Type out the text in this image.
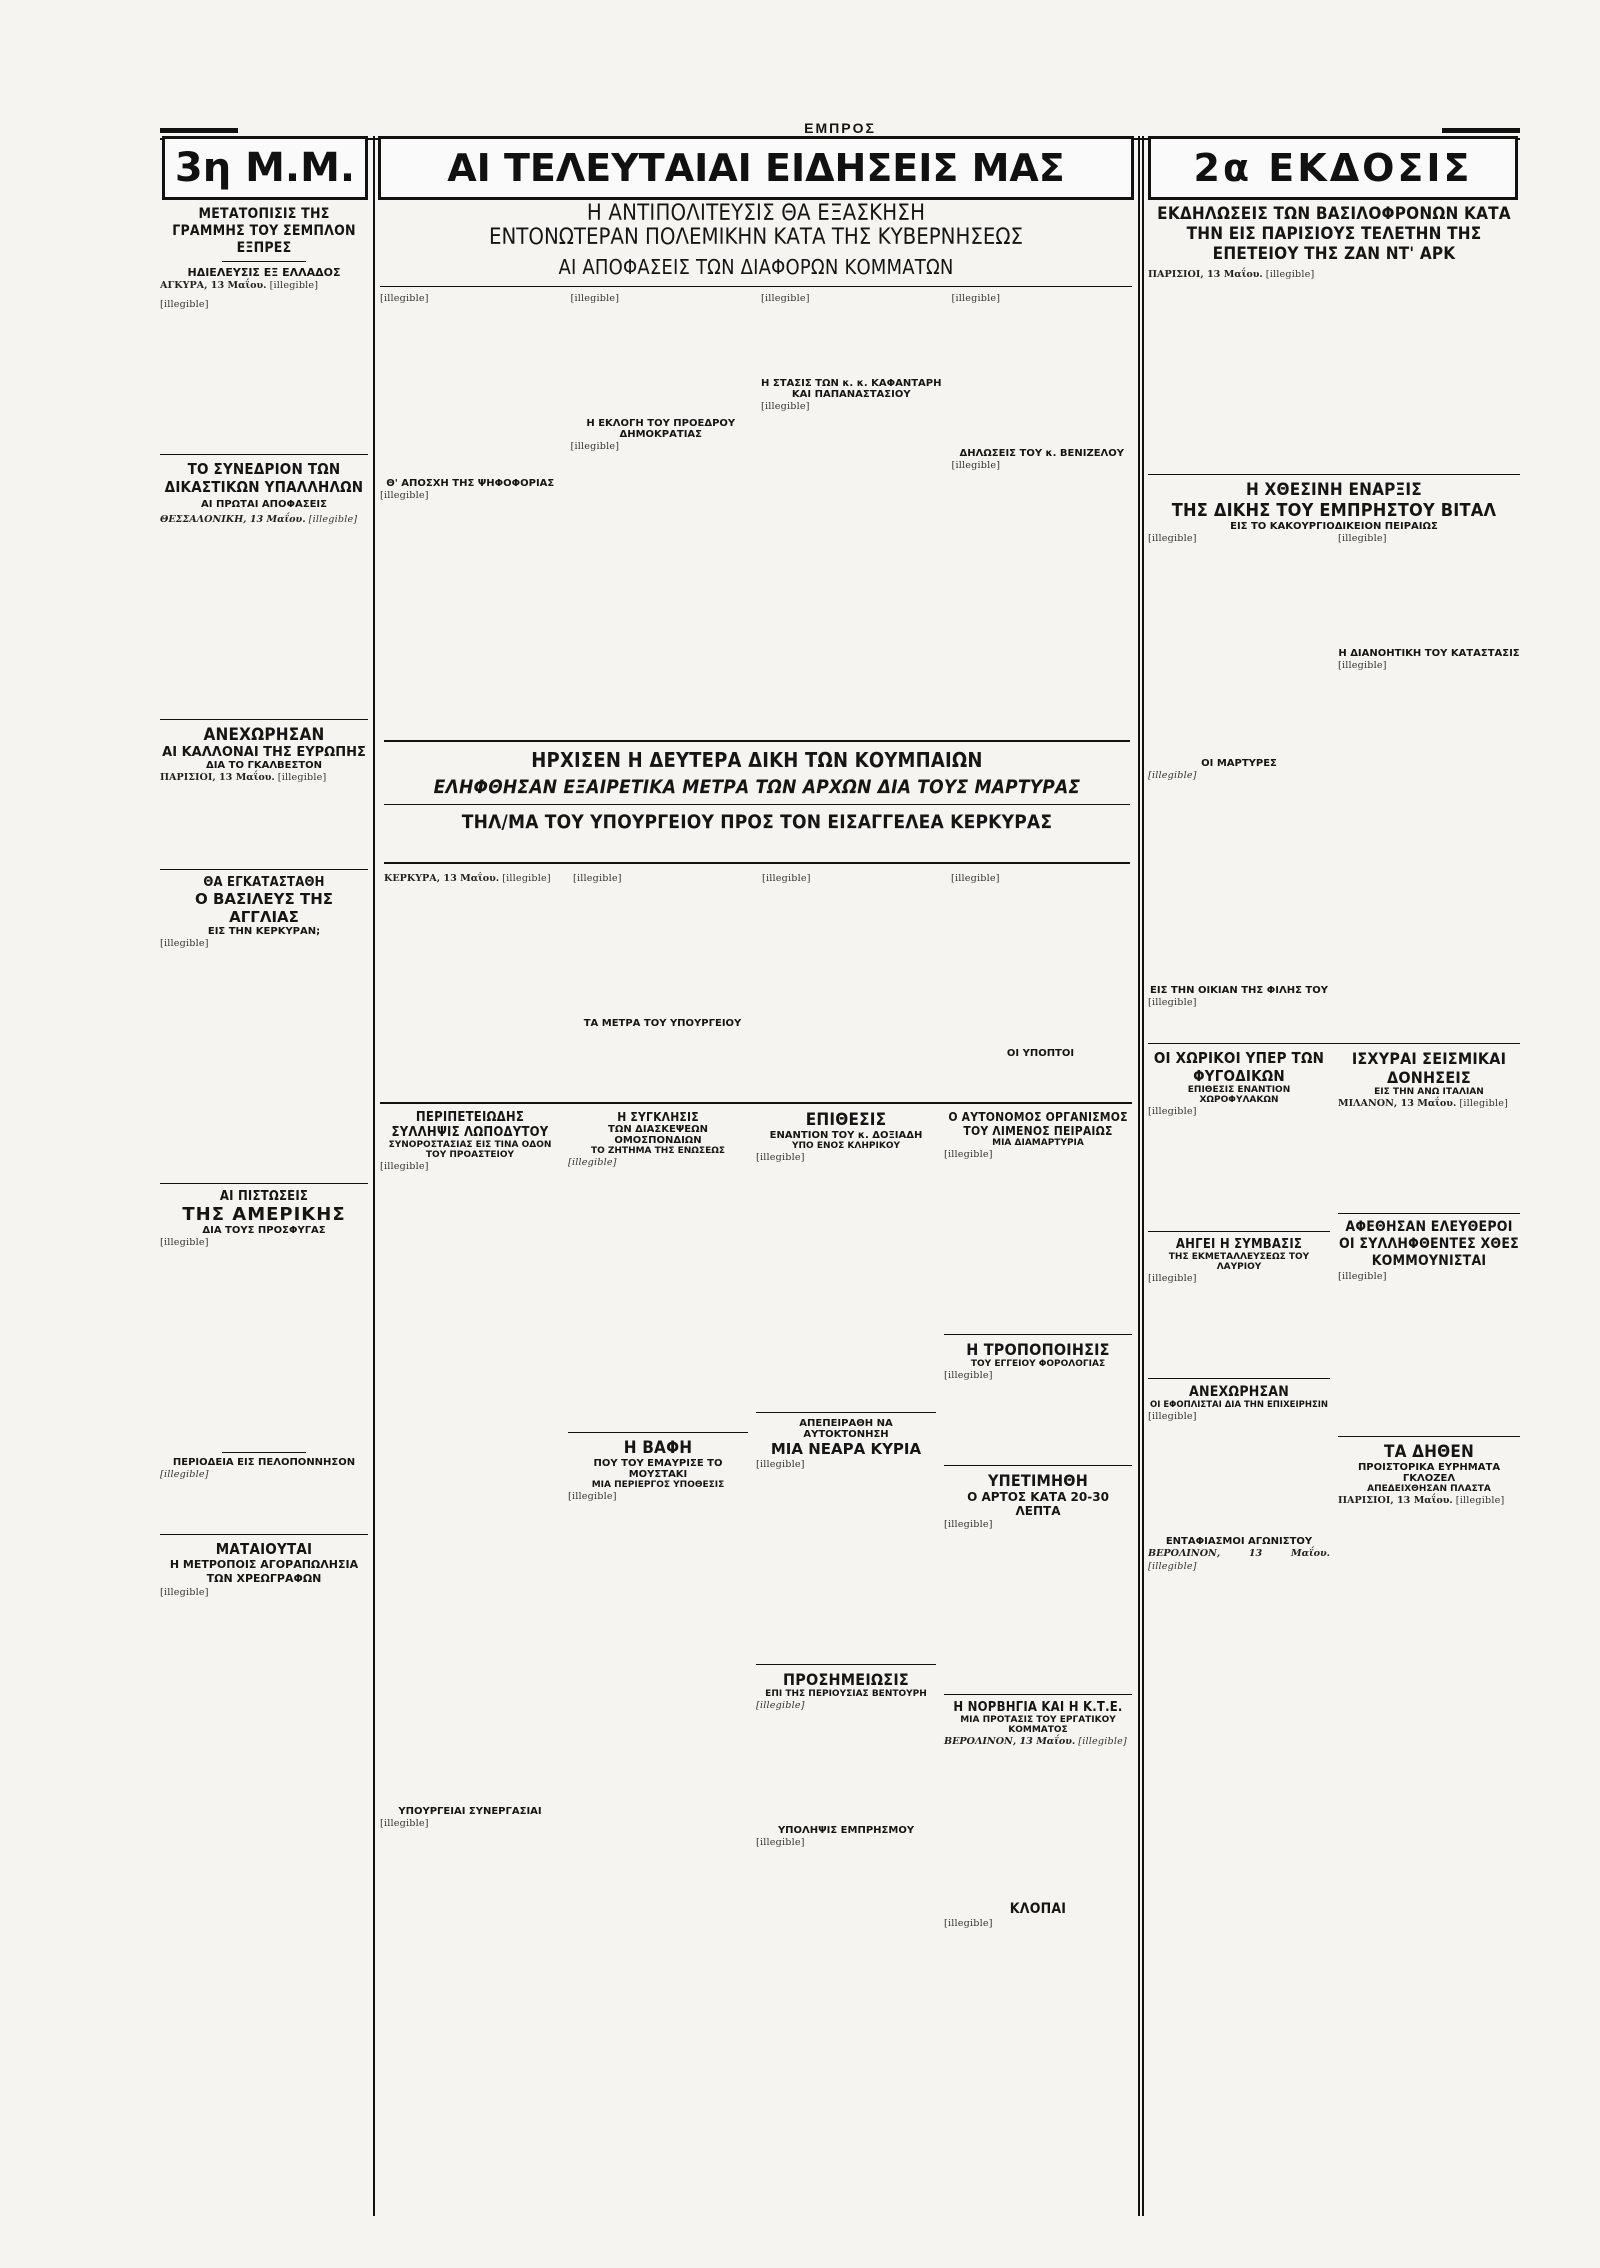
ΕΜΠΡΟΣ
3η Μ.Μ.	ΑΙ ΤΕΛΕΥΤΑΙΑΙ ΕΙΔΗΣΕΙΣ ΜΑΣ	2α ΕΚΔΟΣΙΣ
ΜΕΤΑΤΟΠΙΣΙΣ ΤΗΣ ΓΡΑΜΜΗΣ ΤΟΥ ΣΕΜΠΛΟΝ ΕΞΠΡΕΣ
ΗΔΙΕΛΕΥΣΙΣ ΕΞ ΕΛΛΑΔΟΣ
ΑΓΚΥΡΑ, 13 Μαΐου. [illegible]
[illegible]
ΤΟ ΣΥΝΕΔΡΙΟΝ ΤΩΝ ΔΙΚΑΣΤΙΚΩΝ ΥΠΑΛΛΗΛΩΝ
ΑΙ ΠΡΩΤΑΙ ΑΠΟΦΑΣΕΙΣ
ΘΕΣΣΑΛΟΝΙΚΗ, 13 Μαΐου. [illegible]
ΑΝΕΧΩΡΗΣΑΝ
ΑΙ ΚΑΛΛΟΝΑΙ ΤΗΣ ΕΥΡΩΠΗΣ
ΔΙΑ ΤΟ ΓΚΑΛΒΕΣΤΟΝ
ΠΑΡΙΣΙΟΙ, 13 Μαΐου. [illegible]
ΘΑ ΕΓΚΑΤΑΣΤΑΘΗ
Ο ΒΑΣΙΛΕΥΣ ΤΗΣ ΑΓΓΛΙΑΣ
ΕΙΣ ΤΗΝ ΚΕΡΚΥΡΑΝ;
[illegible]
ΑΙ ΠΙΣΤΩΣΕΙΣ
ΤΗΣ ΑΜΕΡΙΚΗΣ
ΔΙΑ ΤΟΥΣ ΠΡΟΣΦΥΓΑΣ
[illegible]
ΠΕΡΙΟΔΕΙΑ ΕΙΣ ΠΕΛΟΠΟΝΝΗΣΟΝ
[illegible]
ΜΑΤΑΙΟΥΤΑΙ
Η ΜΕΤΡΟΠΟΙΣ ΑΓΟΡΑΠΩΛΗΣΙΑ ΤΩΝ ΧΡΕΩΓΡΑΦΩΝ
[illegible]
Η ΑΝΤΙΠΟΛΙΤΕΥΣΙΣ ΘΑ ΕΞΑΣΚΗΣΗ
ΕΝΤΟΝΩΤΕΡΑΝ ΠΟΛΕΜΙΚΗΝ ΚΑΤΑ ΤΗΣ ΚΥΒΕΡΝΗΣΕΩΣ
ΑΙ ΑΠΟΦΑΣΕΙΣ ΤΩΝ ΔΙΑΦΟΡΩΝ ΚΟΜΜΑΤΩΝ
[illegible]
Θ' ΑΠΟΣΧΗ ΤΗΣ ΨΗΦΟΦΟΡΙΑΣ
[illegible]
[illegible]
Η ΕΚΛΟΓΗ ΤΟΥ ΠΡΟΕΔΡΟΥ ΔΗΜΟΚΡΑΤΙΑΣ
[illegible]
[illegible]
Η ΣΤΑΣΙΣ ΤΩΝ κ. κ. ΚΑΦΑΝΤΑΡΗ ΚΑΙ ΠΑΠΑΝΑΣΤΑΣΙΟΥ
[illegible]
[illegible]
ΔΗΛΩΣΕΙΣ ΤΟΥ κ. ΒΕΝΙΖΕΛΟΥ
[illegible]
ΗΡΧΙΣΕΝ Η ΔΕΥΤΕΡΑ ΔΙΚΗ ΤΩΝ ΚΟΥΜΠΑΙΩΝ
ΕΛΗΦΘΗΣΑΝ ΕΞΑΙΡΕΤΙΚΑ ΜΕΤΡΑ ΤΩΝ ΑΡΧΩΝ ΔΙΑ ΤΟΥΣ ΜΑΡΤΥΡΑΣ
ΤΗΛ/ΜΑ ΤΟΥ ΥΠΟΥΡΓΕΙΟΥ ΠΡΟΣ ΤΟΝ ΕΙΣΑΓΓΕΛΕΑ ΚΕΡΚΥΡΑΣ
ΚΕΡΚΥΡΑ, 13 Μαΐου. [illegible]	[illegible]
ΤΑ ΜΕΤΡΑ ΤΟΥ ΥΠΟΥΡΓΕΙΟΥ
[illegible]	[illegible]
ΟΙ ΥΠΟΠΤΟΙ
ΠΕΡΙΠΕΤΕΙΩΔΗΣ ΣΥΛΛΗΨΙΣ ΛΩΠΟΔΥΤΟΥ
ΣΥΝΟΡΟΣΤΑΣΙΑΣ ΕΙΣ ΤΙΝΑ ΟΔΟΝ ΤΟΥ ΠΡΟΑΣΤΕΙΟΥ
[illegible]
ΥΠΟΥΡΓΕΙΑΙ ΣΥΝΕΡΓΑΣΙΑΙ
[illegible]
Η ΣΥΓΚΛΗΣΙΣ
ΤΩΝ ΔΙΑΣΚΕΨΕΩΝ ΟΜΟΣΠΟΝΔΙΩΝ
ΤΟ ΖΗΤΗΜΑ ΤΗΣ ΕΝΩΣΕΩΣ
[illegible]
Η ΒΑΦΗ
ΠΟΥ ΤΟΥ ΕΜΑΥΡΙΣΕ ΤΟ ΜΟΥΣΤΑΚΙ
ΜΙΑ ΠΕΡΙΕΡΓΟΣ ΥΠΟΘΕΣΙΣ
[illegible]
ΕΠΙΘΕΣΙΣ
ΕΝΑΝΤΙΟΝ ΤΟΥ κ. ΔΟΞΙΑΔΗ
ΥΠΟ ΕΝΟΣ ΚΛΗΡΙΚΟΥ
[illegible]
ΑΠΕΠΕΙΡΑΘΗ ΝΑ ΑΥΤΟΚΤΟΝΗΣΗ
ΜΙΑ ΝΕΑΡΑ ΚΥΡΙΑ
[illegible]
ΠΡΟΣΗΜΕΙΩΣΙΣ
ΕΠΙ ΤΗΣ ΠΕΡΙΟΥΣΙΑΣ ΒΕΝΤΟΥΡΗ
[illegible]
ΥΠΟΛΗΨΙΣ ΕΜΠΡΗΣΜΟΥ
[illegible]
Ο ΑΥΤΟΝΟΜΟΣ ΟΡΓΑΝΙΣΜΟΣ ΤΟΥ ΛΙΜΕΝΟΣ ΠΕΙΡΑΙΩΣ
ΜΙΑ ΔΙΑΜΑΡΤΥΡΙΑ
[illegible]
Η ΤΡΟΠΟΠΟΙΗΣΙΣ
ΤΟΥ ΕΓΓΕΙΟΥ ΦΟΡΟΛΟΓΙΑΣ
[illegible]
ΥΠΕΤΙΜΗΘΗ
Ο ΑΡΤΟΣ ΚΑΤΑ 20-30 ΛΕΠΤΑ
[illegible]
Η ΝΟΡΒΗΓΙΑ ΚΑΙ Η Κ.Τ.Ε.
ΜΙΑ ΠΡΟΤΑΣΙΣ ΤΟΥ ΕΡΓΑΤΙΚΟΥ ΚΟΜΜΑΤΟΣ
ΒΕΡΟΛΙΝΟΝ, 13 Μαΐου. [illegible]
ΚΛΟΠΑΙ
[illegible]
ΕΚΔΗΛΩΣΕΙΣ ΤΩΝ ΒΑΣΙΛΟΦΡΟΝΩΝ ΚΑΤΑ ΤΗΝ ΕΙΣ ΠΑΡΙΣΙΟΥΣ ΤΕΛΕΤΗΝ ΤΗΣ ΕΠΕΤΕΙΟΥ ΤΗΣ ΖΑΝ ΝΤ' ΑΡΚ
ΠΑΡΙΣΙΟΙ, 13 Μαΐου. [illegible]
Η ΧΘΕΣΙΝΗ ΕΝΑΡΞΙΣ
ΤΗΣ ΔΙΚΗΣ ΤΟΥ ΕΜΠΡΗΣΤΟΥ ΒΙΤΑΛ
ΕΙΣ ΤΟ ΚΑΚΟΥΡΓΙΟΔΙΚΕΙΟΝ ΠΕΙΡΑΙΩΣ
[illegible]
ΟΙ ΜΑΡΤΥΡΕΣ
[illegible]
ΕΙΣ ΤΗΝ ΟΙΚΙΑΝ ΤΗΣ ΦΙΛΗΣ ΤΟΥ
[illegible]
[illegible]
Η ΔΙΑΝΟΗΤΙΚΗ ΤΟΥ ΚΑΤΑΣΤΑΣΙΣ
[illegible]
ΟΙ ΧΩΡΙΚΟΙ ΥΠΕΡ ΤΩΝ ΦΥΓΟΔΙΚΩΝ
ΕΠΙΘΕΣΙΣ ΕΝΑΝΤΙΟΝ ΧΩΡΟΦΥΛΑΚΩΝ
[illegible]
ΑΗΓΕΙ Η ΣΥΜΒΑΣΙΣ
ΤΗΣ ΕΚΜΕΤΑΛΛΕΥΣΕΩΣ ΤΟΥ ΛΑΥΡΙΟΥ
[illegible]
ΑΝΕΧΩΡΗΣΑΝ
ΟΙ ΕΦΟΠΛΙΣΤΑΙ ΔΙΑ ΤΗΝ ΕΠΙΧΕΙΡΗΣΙΝ
[illegible]
ΕΝΤΑΦΙΑΣΜΟΙ ΑΓΩΝΙΣΤΟΥ
ΒΕΡΟΛΙΝΟΝ, 13 Μαΐου. [illegible]
ΙΣΧΥΡΑΙ ΣΕΙΣΜΙΚΑΙ ΔΟΝΗΣΕΙΣ
ΕΙΣ ΤΗΝ ΑΝΩ ΙΤΑΛΙΑΝ
ΜΙΛΑΝΟΝ, 13 Μαΐου. [illegible]
ΑΦΕΘΗΣΑΝ ΕΛΕΥΘΕΡΟΙ ΟΙ ΣΥΛΛΗΦΘΕΝΤΕΣ ΧΘΕΣ ΚΟΜΜΟΥΝΙΣΤΑΙ
[illegible]
ΤΑ ΔΗΘΕΝ
ΠΡΟΙΣΤΟΡΙΚΑ ΕΥΡΗΜΑΤΑ ΓΚΛΟΖΕΛ
ΑΠΕΔΕΙΧΘΗΣΑΝ ΠΛΑΣΤΑ
ΠΑΡΙΣΙΟΙ, 13 Μαΐου. [illegible]
